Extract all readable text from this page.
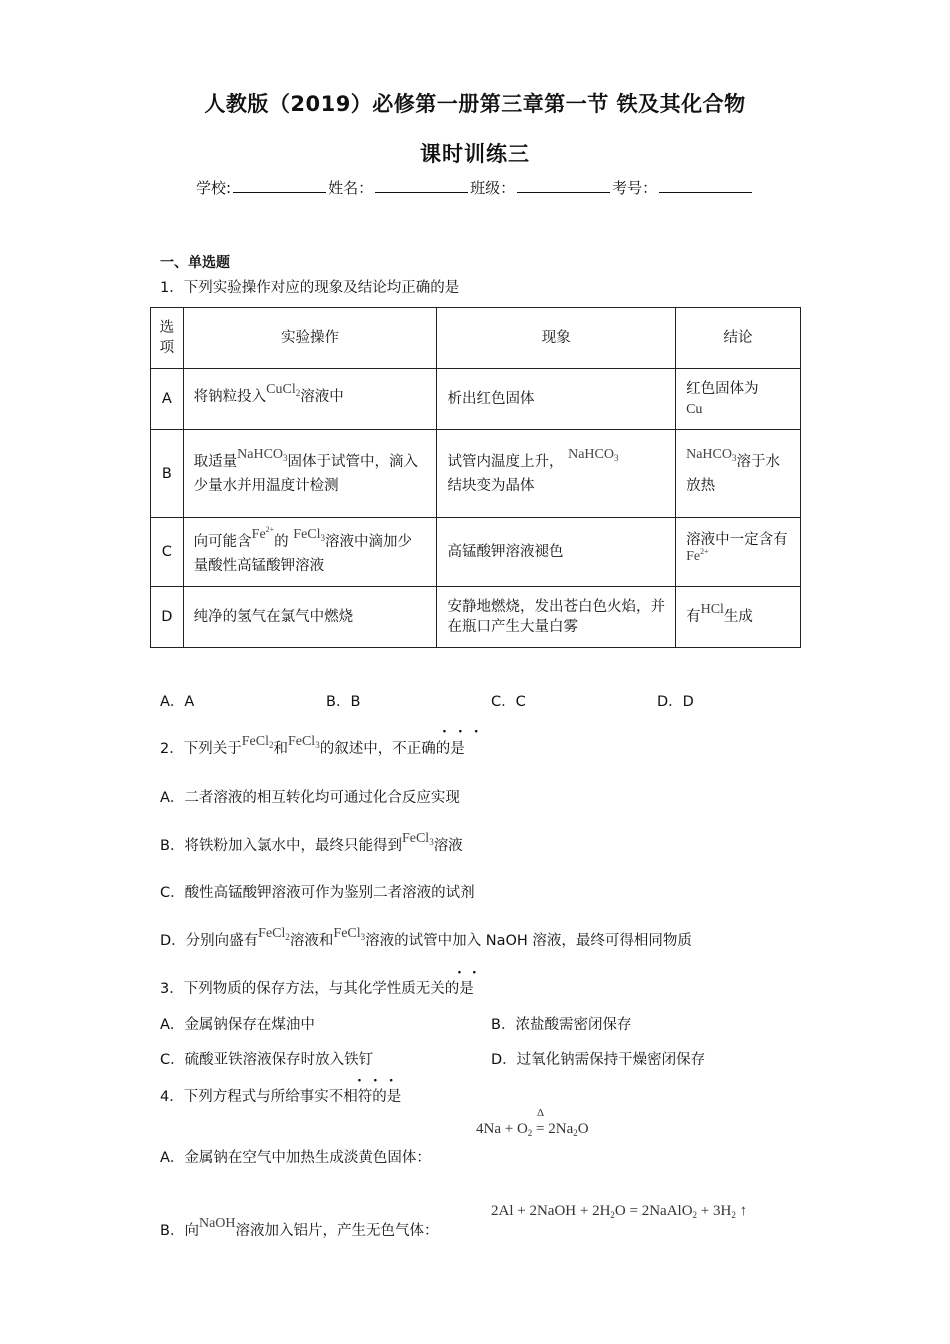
人教版（2019）必修第一册第三章第一节 铁及其化合物
课时训练三
学校:	姓名：	班级：	考号：
一、单选题
1．下列实验操作对应的现象及结论均正确的是
选项	实验操作	现象	结论
A	将钠粒投入CuCl$_2$溶液中	析出红色固体	红色固体为
Cu
B	取适量NaHCO$_3$固体于试管中，滴入少量水并用温度计检测	试管内温度上升， NaHCO$_3$
结块变为晶体	NaHCO$_3$溶于水放热
C	向可能含$Fe^{2+}$的 FeCl$_3$溶液中滴加少量酸性高锰酸钾溶液	高锰酸钾溶液褪色	溶液中一定含有$Fe^{2+}$
D	纯净的氢气在氯气中燃烧	安静地燃烧，发出苍白色火焰，并在瓶口产生大量白雾	有HCl生成
A．A	B．B	C．C	D．D
2．下列关于FeCl$_2$和FeCl$_3$的叙述中，不正确的是
···
A．二者溶液的相互转化均可通过化合反应实现
B．将铁粉加入氯水中，最终只能得到FeCl$_3$溶液
C．酸性高锰酸钾溶液可作为鉴别二者溶液的试剂
D．分别向盛有FeCl$_2$溶液和FeCl$_3$溶液的试管中加入 NaOH 溶液，最终可得相同物质
3．下列物质的保存方法，与其化学性质无关的是
··
A．金属钠保存在煤油中	B．浓盐酸需密闭保存
C．硫酸亚铁溶液保存时放入铁钉	D．过氧化钠需保持干燥密闭保存
4．下列方程式与所给事实不相符的是
···
A．金属钠在空气中加热生成淡黄色固体：
$4Na + O_2$ =
Δ
$2Na_2O$
B．向NaOH溶液加入铝片，产生无色气体：
2Al + 2NaOH + $2H_2O$ = 2NaAlO$_2$ + $3H_2$ ↑
